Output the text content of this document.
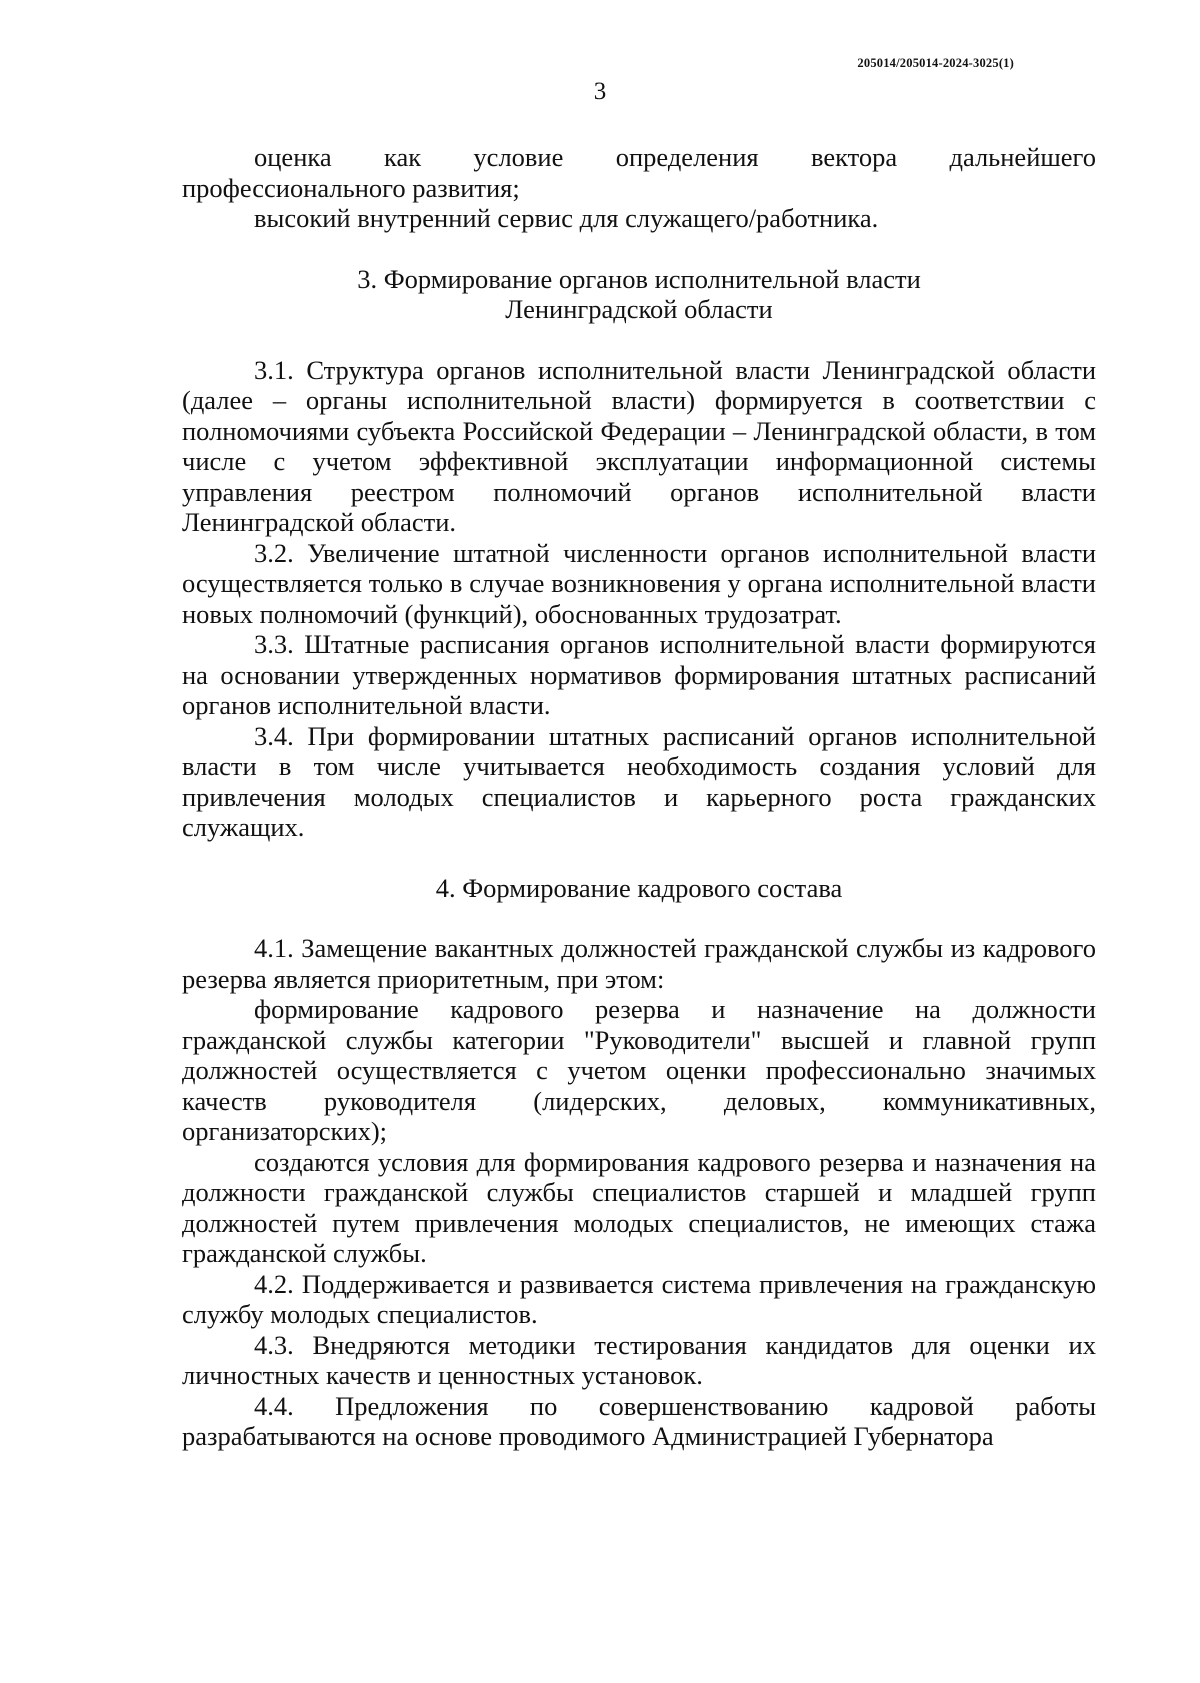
205014/205014-2024-3025(1)
3

оценка как условие определения вектора дальнейшего профессионального развития;

высокий внутренний сервис для служащего/работника.

3. Формирование органов исполнительной власти

Ленинградской области

3.1. Структура органов исполнительной власти Ленинградской области (далее – органы исполнительной власти) формируется в соответствии с полномочиями субъекта Российской Федерации – Ленинградской области, в том числе с учетом эффективной эксплуатации информационной системы управления реестром полномочий органов исполнительной власти Ленинградской области.

3.2. Увеличение штатной численности органов исполнительной власти осуществляется только в случае возникновения у органа исполнительной власти новых полномочий (функций), обоснованных трудозатрат.

3.3. Штатные расписания органов исполнительной власти формируются на основании утвержденных нормативов формирования штатных расписаний органов исполнительной власти.

3.4. При формировании штатных расписаний органов исполнительной власти в том числе учитывается необходимость создания условий для привлечения молодых специалистов и карьерного роста гражданских служащих.

4. Формирование кадрового состава

4.1. Замещение вакантных должностей гражданской службы из кадрового резерва является приоритетным, при этом:

формирование кадрового резерва и назначение на должности гражданской службы категории "Руководители" высшей и главной групп должностей осуществляется с учетом оценки профессионально значимых качеств руководителя (лидерских, деловых, коммуникативных, организаторских);

создаются условия для формирования кадрового резерва и назначения на должности гражданской службы специалистов старшей и младшей групп должностей путем привлечения молодых специалистов, не имеющих стажа гражданской службы.

4.2. Поддерживается и развивается система привлечения на гражданскую службу молодых специалистов.

4.3. Внедряются методики тестирования кандидатов для оценки их личностных качеств и ценностных установок.

4.4. Предложения по совершенствованию кадровой работы разрабатываются на основе проводимого Администрацией Губернатора
